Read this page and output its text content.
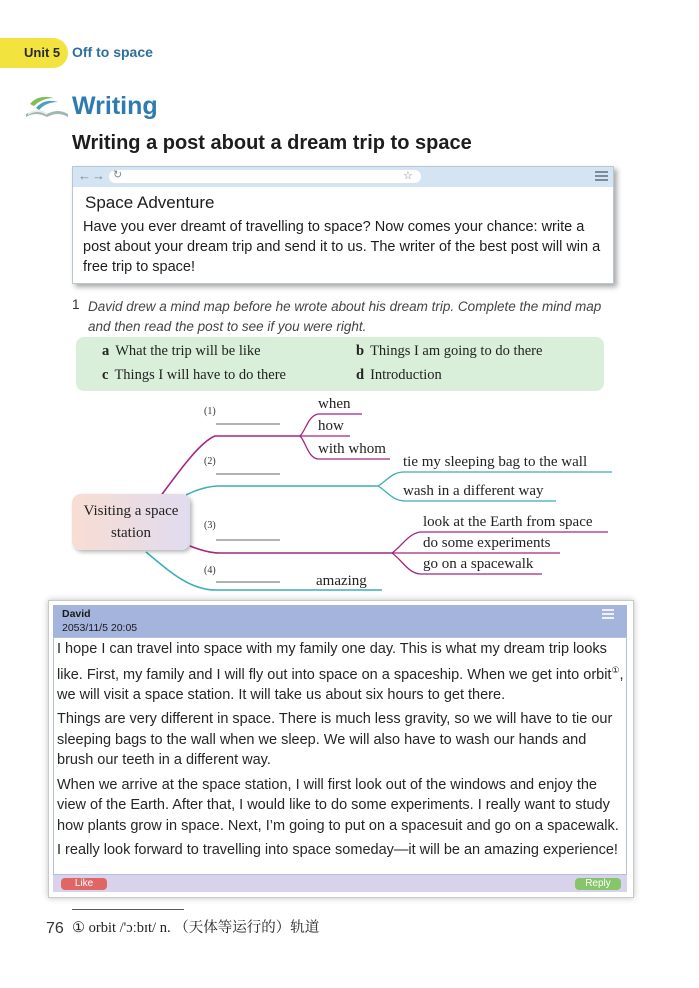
Unit 5 Off to space
Writing
Writing a post about a dream trip to space
←→ ↻	☆
Space Adventure
Have you ever dreamt of travelling to space? Now comes your chance: write a post about your dream trip and send it to us. The writer of the best post will win a free trip to space!
1 David drew a mind map before he wrote about his dream trip. Complete the mind map and then read the post to see if you were right.
a What the trip will be like	b Things I am going to do there
c Things I will have to do there	d Introduction
Visiting a space station
(1)
(2)
(3)
(4)
when
how
with whom
tie my sleeping bag to the wall
wash in a different way
look at the Earth from space
do some experiments
go on a spacewalk
amazing
David
2053/11/5 20:05

I hope I can travel into space with my family one day. This is what my dream trip looks like. First, my family and I will fly out into space on a spaceship. When we get into orbit①, we will visit a space station. It will take us about six hours to get there.

Things are very different in space. There is much less gravity, so we will have to tie our sleeping bags to the wall when we sleep. We will also have to wash our hands and brush our teeth in a different way.

When we arrive at the space station, I will first look out of the windows and enjoy the view of the Earth. After that, I would like to do some experiments. I really want to study how plants grow in space. Next, I’m going to put on a spacesuit and go on a spacewalk.

I really look forward to travelling into space someday—it will be an amazing experience!

Like	Reply
76 ① orbit /'ɔːbɪt/ n. （天体等运行的）轨道
